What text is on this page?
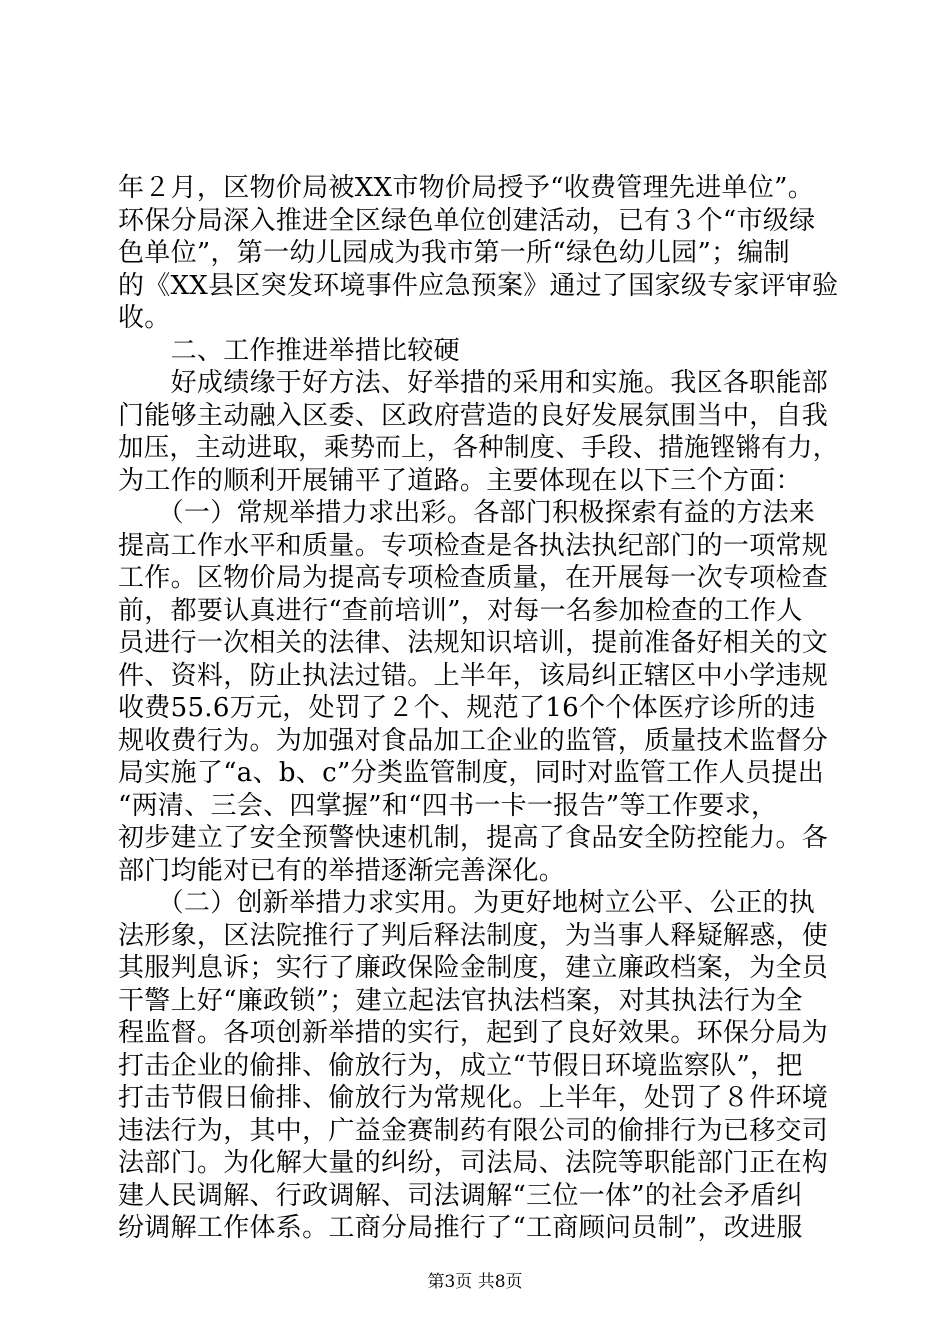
年２月，区物价局被XX市物价局授予“收费管理先进单位”。
环保分局深入推进全区绿色单位创建活动，已有３个“市级绿
色单位”，第一幼儿园成为我市第一所“绿色幼儿园”；编制
的《XX县区突发环境事件应急预案》通过了国家级专家评审验
收。
　　二、工作推进举措比较硬
　　好成绩缘于好方法、好举措的采用和实施。我区各职能部
门能够主动融入区委、区政府营造的良好发展氛围当中，自我
加压，主动进取，乘势而上，各种制度、手段、措施铿锵有力，
为工作的顺利开展铺平了道路。主要体现在以下三个方面：
　　（一）常规举措力求出彩。各部门积极探索有益的方法来
提高工作水平和质量。专项检查是各执法执纪部门的一项常规
工作。区物价局为提高专项检查质量，在开展每一次专项检查
前，都要认真进行“查前培训”，对每一名参加检查的工作人
员进行一次相关的法律、法规知识培训，提前准备好相关的文
件、资料，防止执法过错。上半年，该局纠正辖区中小学违规
收费55.6万元，处罚了２个、规范了16个个体医疗诊所的违
规收费行为。为加强对食品加工企业的监管，质量技术监督分
局实施了“a、b、c”分类监管制度，同时对监管工作人员提出
“两清、三会、四掌握”和“四书一卡一报告”等工作要求，
初步建立了安全预警快速机制，提高了食品安全防控能力。各
部门均能对已有的举措逐渐完善深化。
　　（二）创新举措力求实用。为更好地树立公平、公正的执
法形象，区法院推行了判后释法制度，为当事人释疑解惑，使
其服判息诉；实行了廉政保险金制度，建立廉政档案，为全员
干警上好“廉政锁”；建立起法官执法档案，对其执法行为全
程监督。各项创新举措的实行，起到了良好效果。环保分局为
打击企业的偷排、偷放行为，成立“节假日环境监察队”，把
打击节假日偷排、偷放行为常规化。上半年，处罚了８件环境
违法行为，其中，广益金赛制药有限公司的偷排行为已移交司
法部门。为化解大量的纠纷，司法局、法院等职能部门正在构
建人民调解、行政调解、司法调解“三位一体”的社会矛盾纠
纷调解工作体系。工商分局推行了“工商顾问员制”，改进服
第3页 共8页
